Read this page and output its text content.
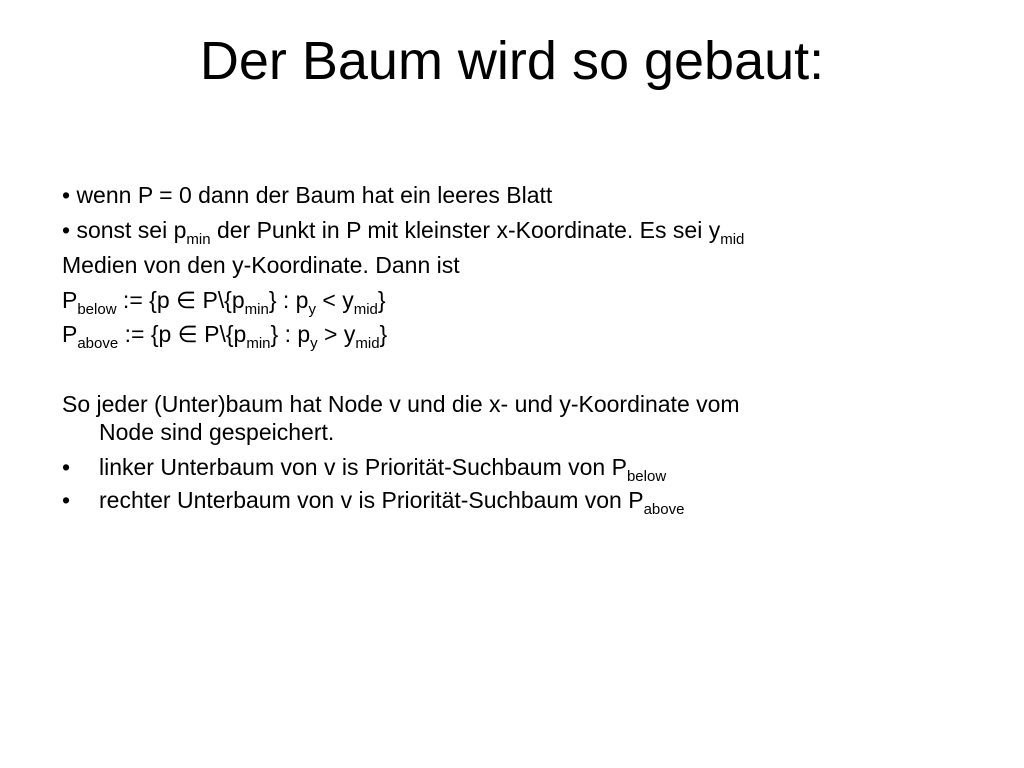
Der Baum wird so gebaut:
• wenn P = 0 dann der Baum hat ein leeres Blatt
• sonst sei $p_{min}$ der Punkt in P mit kleinster x-Koordinate. Es sei $y_{mid}$
Medien von den y-Koordinate. Dann ist
$P_{below}$ := {p ∈ $P\backslash\{p_{min}\}$ : $p_y < y_{mid}$}
$P_{above}$ := {p ∈ $P\backslash\{p_{min}\}$ : $p_y > y_{mid}$}
So jeder (Unter)baum hat Node v und die x- und y-Koordinate vom
Node sind gespeichert.
• linker Unterbaum von v is Priorität-Suchbaum von $P_{below}$
• rechter Unterbaum von v is Priorität-Suchbaum von $P_{above}$
